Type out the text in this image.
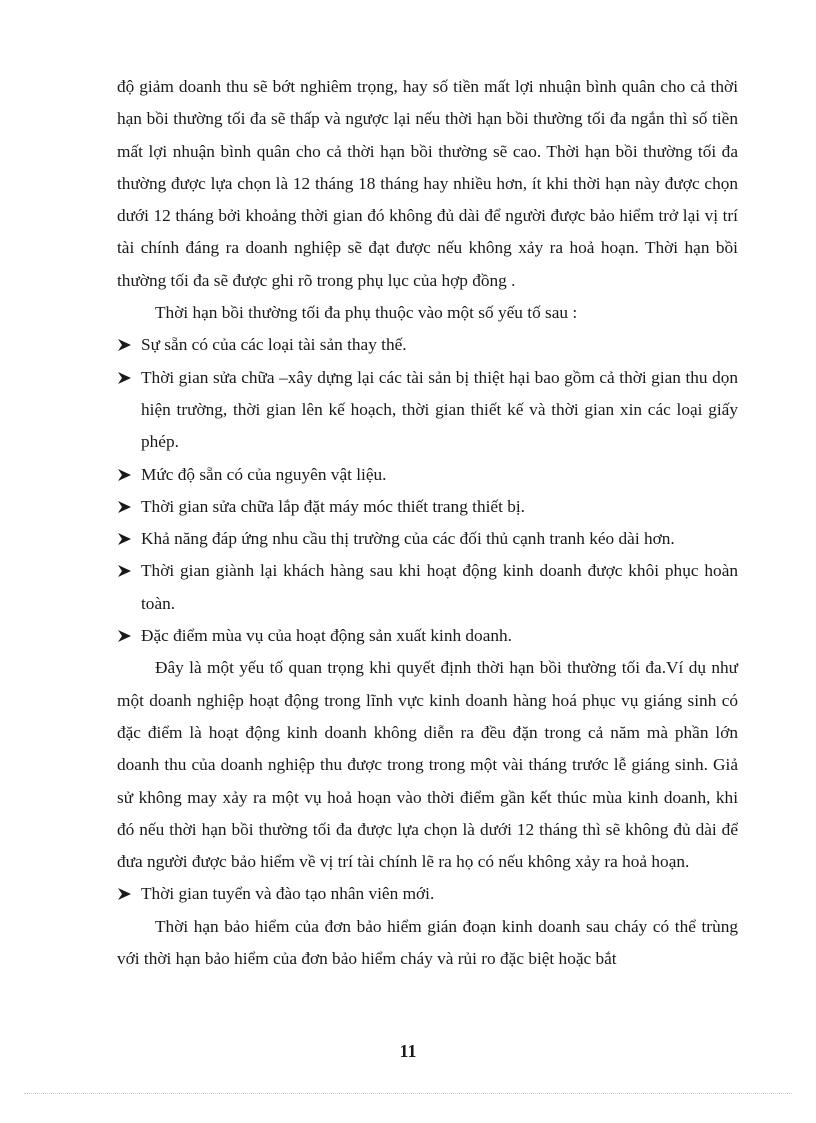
độ giảm doanh thu sẽ bớt nghiêm trọng, hay số tiền mất lợi nhuận bình quân cho cả thời hạn bồi thường tối đa sẽ thấp và ngược lại nếu thời hạn bồi thường tối đa ngắn thì số tiền mất lợi nhuận bình quân cho cả thời hạn bồi thường sẽ cao. Thời hạn bồi thường tối đa thường được lựa chọn là 12 tháng 18 tháng hay nhiều hơn, ít khi thời hạn này được chọn dưới 12 tháng bởi khoảng thời gian đó không đủ dài để người được bảo hiểm trở lại vị trí tài chính đáng ra doanh nghiệp sẽ đạt được nếu không xảy ra hoả hoạn. Thời hạn bồi thường tối đa sẽ được ghi rõ trong phụ lục của hợp đồng .

Thời hạn bồi thường tối đa phụ thuộc vào một số yếu tố sau :

Sự sẵn có của các loại tài sản thay thế.
Thời gian sửa chữa –xây dựng lại các tài sản bị thiệt hại bao gồm cả thời gian thu dọn hiện trường, thời gian lên kế hoạch, thời gian thiết kế và thời gian xin các loại giấy phép.
Mức độ sẵn có của nguyên vật liệu.
Thời gian sửa chữa lắp đặt máy móc thiết trang thiết bị.
Khả năng đáp ứng nhu cầu thị trường của các đối thủ cạnh tranh kéo dài hơn.
Thời gian giành lại khách hàng sau khi hoạt động kinh doanh được khôi phục hoàn toàn.
Đặc điểm mùa vụ của hoạt động sản xuất kinh doanh.

Đây là một yếu tố quan trọng khi quyết định thời hạn bồi thường tối đa.Ví dụ như một doanh nghiệp hoạt động trong lĩnh vực kinh doanh hàng hoá phục vụ giáng sinh có đặc điểm là hoạt động kinh doanh không diễn ra đều đặn trong cả năm mà phần lớn doanh thu của doanh nghiệp thu được trong trong một vài tháng trước lễ giáng sinh. Giả sử không may xảy ra một vụ hoả hoạn vào thời điểm gần kết thúc mùa kinh doanh, khi đó nếu thời hạn bồi thường tối đa được lựa chọn là dưới 12 tháng thì sẽ không đủ dài để đưa người được bảo hiểm về vị trí tài chính lẽ ra họ có nếu không xảy ra hoả hoạn.

Thời gian tuyển và đào tạo nhân viên mới.

Thời hạn bảo hiểm của đơn bảo hiểm gián đoạn kinh doanh sau cháy có thể trùng với thời hạn bảo hiểm của đơn bảo hiểm cháy và rủi ro đặc biệt hoặc bắt

11
